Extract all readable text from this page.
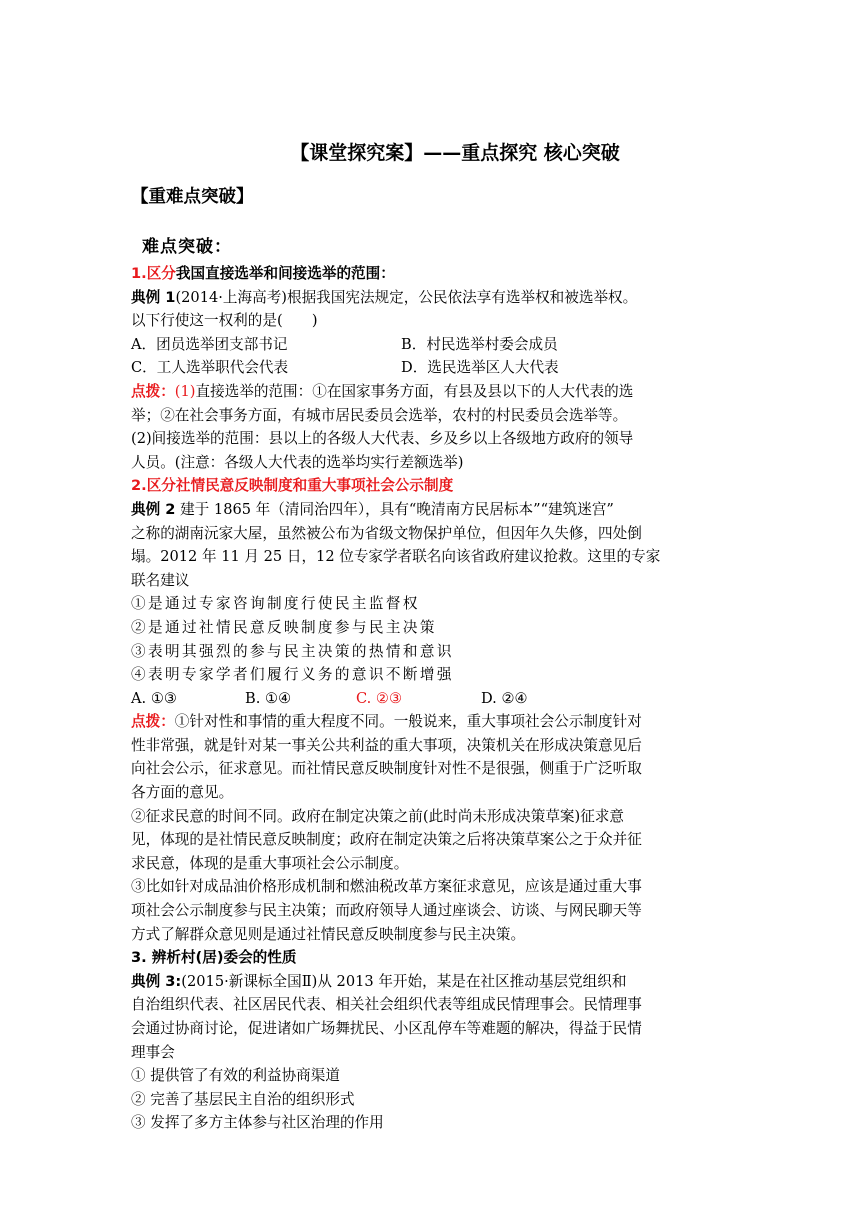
【课堂探究案】——重点探究 核心突破
【重难点突破】
难点突破：

1.区分我国直接选举和间接选举的范围：

典例 1(2014·上海高考)根据我国宪法规定，公民依法享有选举权和被选举权。

以下行使这一权利的是(　　)

A．团员选举团支部书记	B．村民选举村委会成员
C．工人选举职代会代表	D．选民选举区人大代表

点拨：(1)直接选举的范围：①在国家事务方面，有县及县以下的人大代表的选

举；②在社会事务方面，有城市居民委员会选举，农村的村民委员会选举等。

(2)间接选举的范围：县以上的各级人大代表、乡及乡以上各级地方政府的领导

人员。(注意：各级人大代表的选举均实行差额选举)

2.区分社情民意反映制度和重大事项社会公示制度

典例 2 建于 1865 年（清同治四年），具有“晚清南方民居标本”“建筑迷宫”

之称的湖南沅家大屋，虽然被公布为省级文物保护单位，但因年久失修，四处倒

塌。2012 年 11 月 25 日，12 位专家学者联名向该省政府建议抢救。这里的专家

联名建议

①是通过专家咨询制度行使民主监督权

②是通过社情民意反映制度参与民主决策

③表明其强烈的参与民主决策的热情和意识

④表明专家学者们履行义务的意识不断增强

A. ①③	B. ①④	C. ②③	D. ②④

点拨：①针对性和事情的重大程度不同。一般说来，重大事项社会公示制度针对

性非常强，就是针对某一事关公共利益的重大事项，决策机关在形成决策意见后

向社会公示，征求意见。而社情民意反映制度针对性不是很强，侧重于广泛听取

各方面的意见。

②征求民意的时间不同。政府在制定决策之前(此时尚未形成决策草案)征求意

见，体现的是社情民意反映制度；政府在制定决策之后将决策草案公之于众并征

求民意，体现的是重大事项社会公示制度。

③比如针对成品油价格形成机制和燃油税改革方案征求意见，应该是通过重大事

项社会公示制度参与民主决策；而政府领导人通过座谈会、访谈、与网民聊天等

方式了解群众意见则是通过社情民意反映制度参与民主决策。

3. 辨析村(居)委会的性质

典例 3:(2015·新课标全国Ⅱ)从 2013 年开始，某是在社区推动基层党组织和

自治组织代表、社区居民代表、相关社会组织代表等组成民情理事会。民情理事

会通过协商讨论，促进诸如广场舞扰民、小区乱停车等难题的解决，得益于民情

理事会

① 提供管了有效的利益协商渠道

② 完善了基层民主自治的组织形式

③ 发挥了多方主体参与社区治理的作用
